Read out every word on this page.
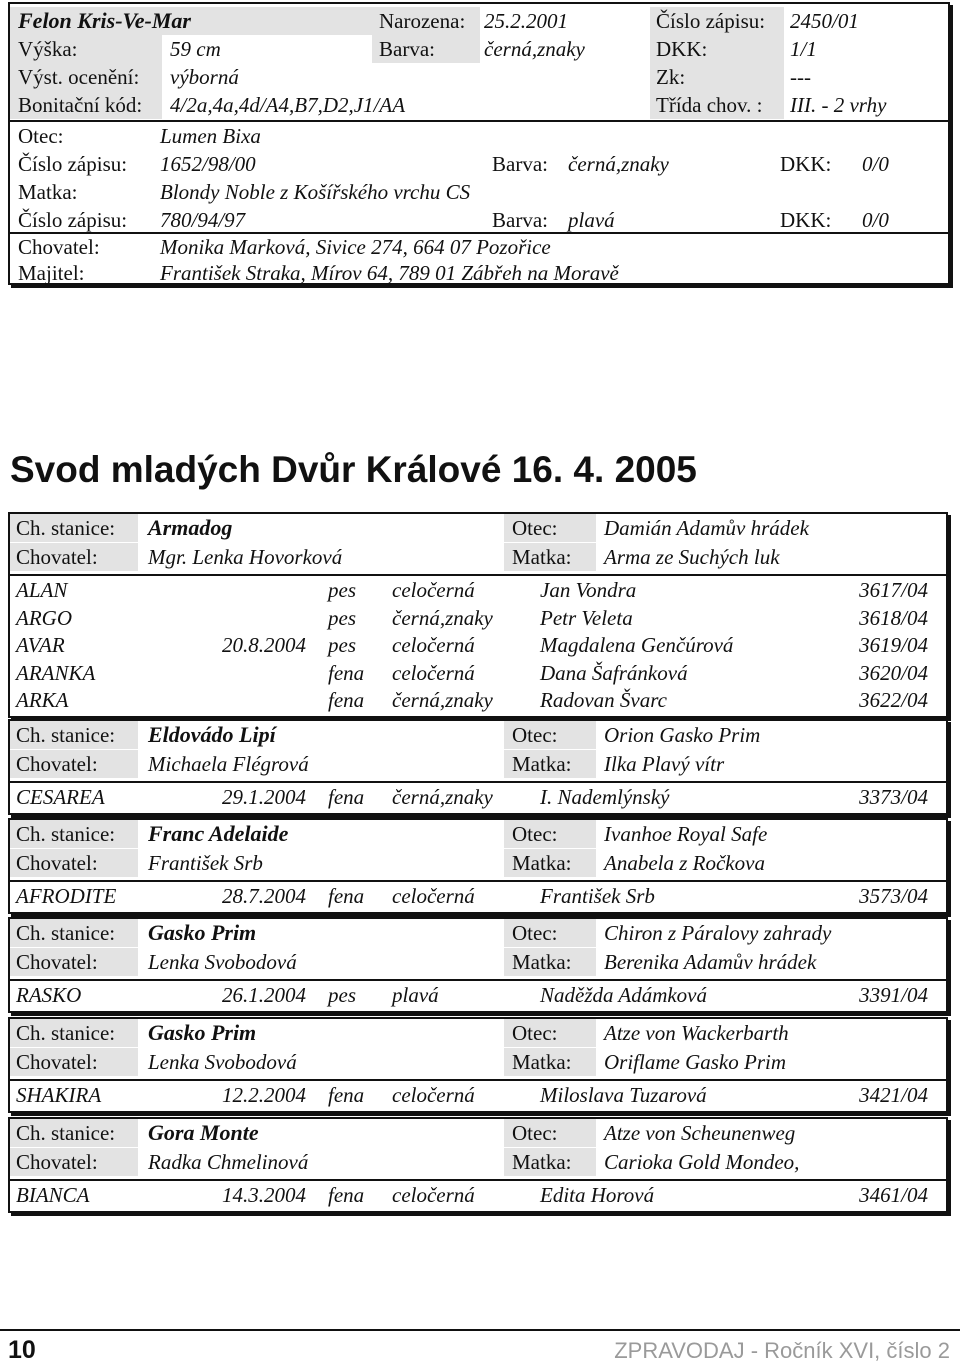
Felon Kris-Ve-Mar	Narozena: 25.2.2001	Číslo zápisu:	2450/01
Výška:	59 cm	Barva:	černá,znaky	DKK:	1/1
Výst. ocenění:	výborná	Zk:	---
Bonitační kód:	4/2a,4a,4d/A4,B7,D2,J1/AA	Třída chov. :	III. - 2 vrhy
Otec:	Lumen Bixa
Číslo zápisu: 1652/98/00	Barva: černá,znaky	DKK: 0/0
Matka:	Blondy Noble z Košířského vrchu CS
Číslo zápisu: 780/94/97	Barva: plavá	DKK: 0/0
Chovatel:	Monika Marková, Sivice 274, 664 07 Pozořice
Majitel:	František Straka, Mírov 64, 789 01 Zábřeh na Moravě
Svod mladých Dvůr Králové 16. 4. 2005
Ch. stanice:	Armadog	Otec:	Damián Adamův hrádek
Chovatel:	Mgr. Lenka Hovorková	Matka:	Arma ze Suchých luk
ALAN	pes celočerná	Jan Vondra	3617/04
ARGO	pes černá,znaky Petr Veleta	3618/04
AVAR	20.8.2004 pes celočerná	Magdalena Genčúrová	3619/04
ARANKA	fena celočerná	Dana Šafránková	3620/04
ARKA	fena černá,znaky Radovan Švarc	3622/04
Ch. stanice:	Eldovádo Lipí	Otec:	Orion Gasko Prim
Chovatel:	Michaela Flégrová	Matka:	Ilka Plavý vítr
CESAREA	29.1.2004 fena černá,znaky I. Nademlýnský	3373/04
Ch. stanice:	Franc Adelaide	Otec:	Ivanhoe Royal Safe
Chovatel:	František Srb	Matka:	Anabela z Ročkova
AFRODITE	28.7.2004 fena celočerná	František Srb	3573/04
Ch. stanice:	Gasko Prim	Otec:	Chiron z Páralovy zahrady
Chovatel:	Lenka Svobodová	Matka:	Berenika Adamův hrádek
RASKO	26.1.2004 pes plavá	Naděžda Adámková	3391/04
Ch. stanice:	Gasko Prim	Otec:	Atze von Wackerbarth
Chovatel:	Lenka Svobodová	Matka:	Oriflame Gasko Prim
SHAKIRA	12.2.2004 fena celočerná	Miloslava Tuzarová	3421/04
Ch. stanice:	Gora Monte	Otec:	Atze von Scheunenweg
Chovatel:	Radka Chmelinová	Matka:	Carioka Gold Mondeo,
BIANCA	14.3.2004 fena celočerná	Edita Horová	3461/04
10	ZPRAVODAJ - Ročník XVI, číslo 2
